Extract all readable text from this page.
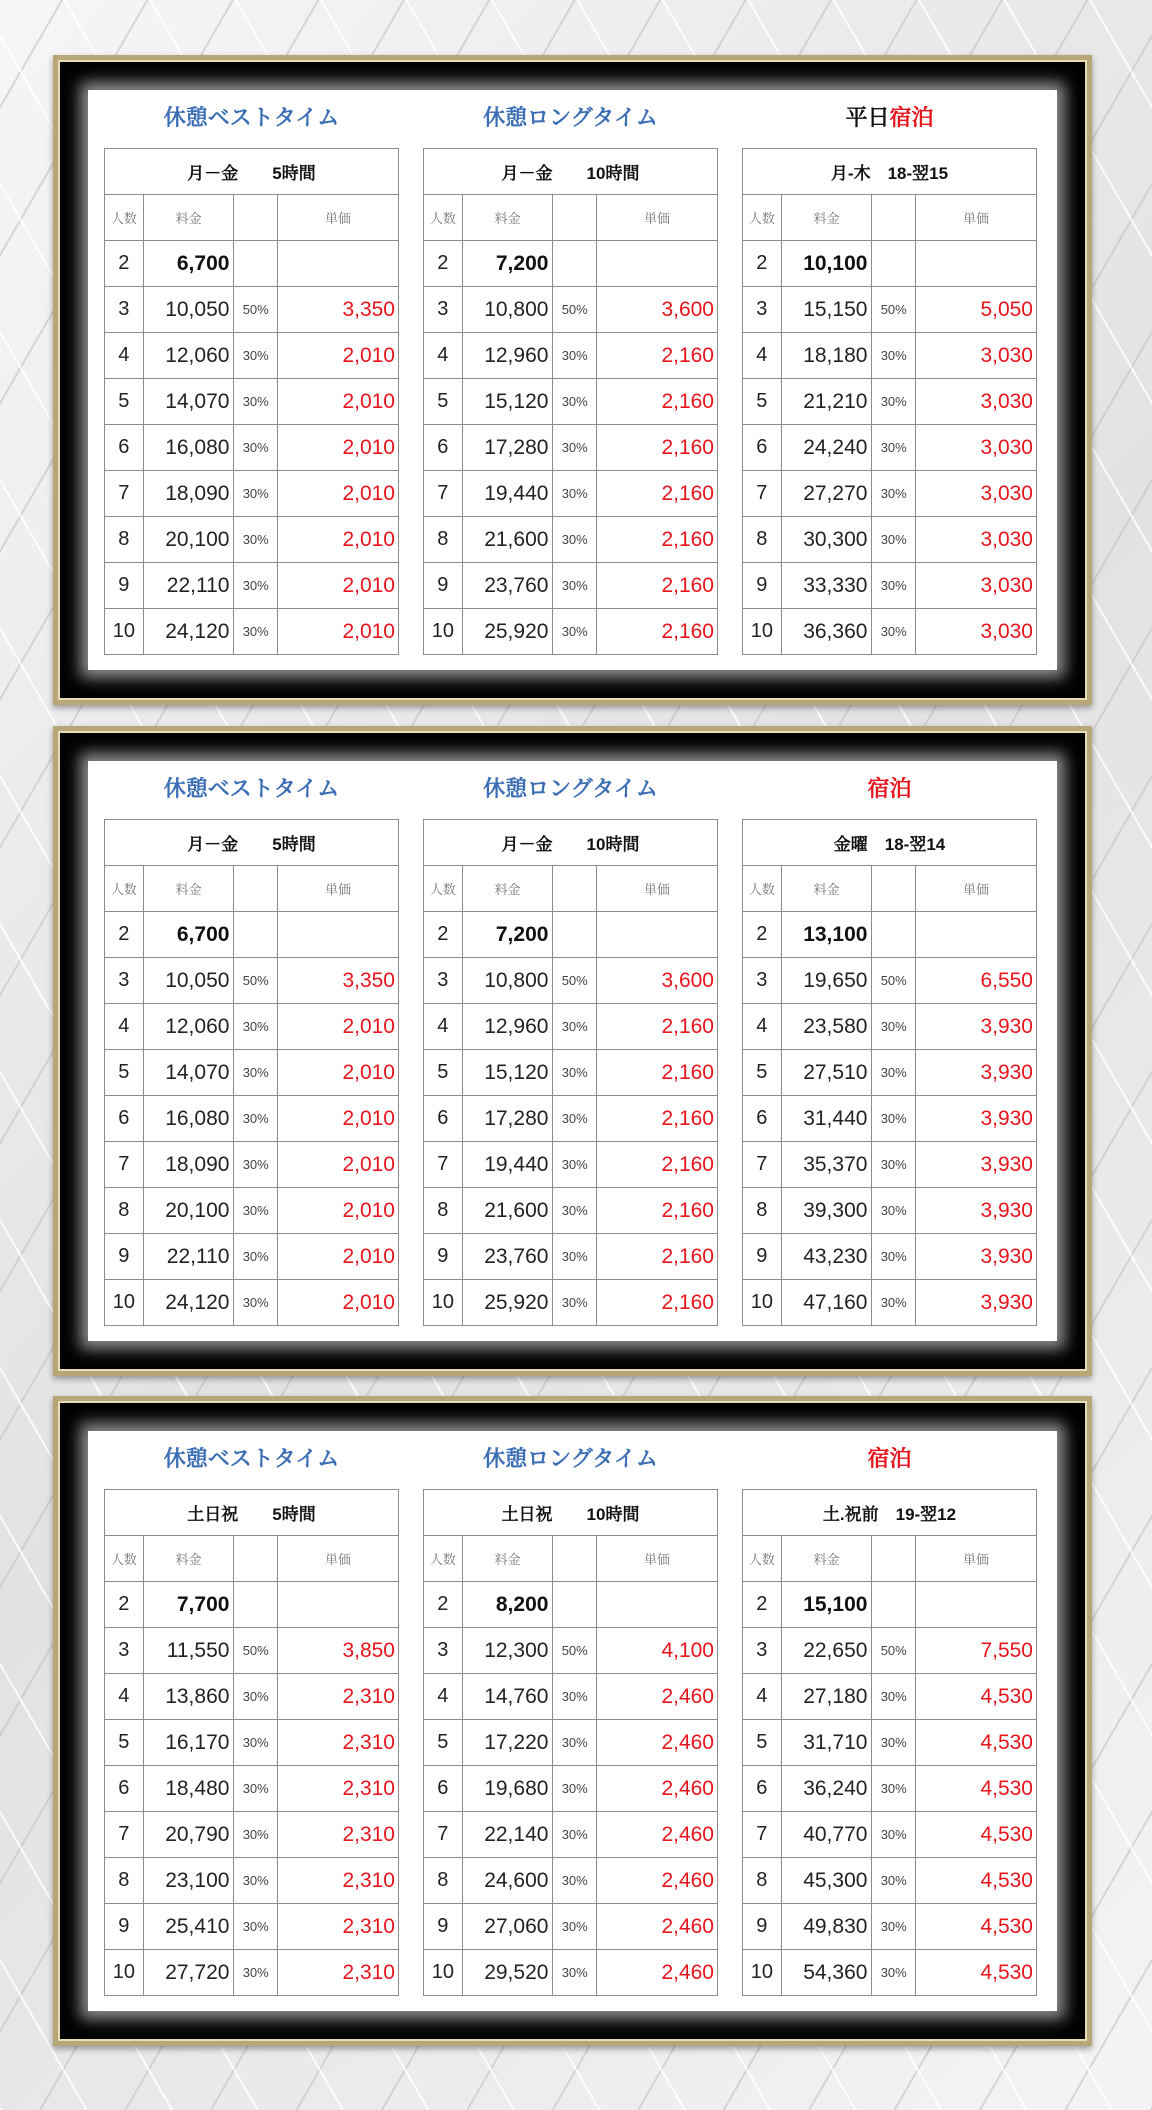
休憩ベストタイム
月－金　　5時間			
人数	料金		単価
2	6,700		
3	10,050	50%	3,350
4	12,060	30%	2,010
5	14,070	30%	2,010
6	16,080	30%	2,010
7	18,090	30%	2,010
8	20,100	30%	2,010
9	22,110	30%	2,010
10	24,120	30%	2,010
休憩ロングタイム
月－金　　10時間			
人数	料金		単価
2	7,200		
3	10,800	50%	3,600
4	12,960	30%	2,160
5	15,120	30%	2,160
6	17,280	30%	2,160
7	19,440	30%	2,160
8	21,600	30%	2,160
9	23,760	30%	2,160
10	25,920	30%	2,160
平日宿泊
月-木　18-翌15			
人数	料金		単価
2	10,100		
3	15,150	50%	5,050
4	18,180	30%	3,030
5	21,210	30%	3,030
6	24,240	30%	3,030
7	27,270	30%	3,030
8	30,300	30%	3,030
9	33,330	30%	3,030
10	36,360	30%	3,030
休憩ベストタイム
月－金　　5時間			
人数	料金		単価
2	6,700		
3	10,050	50%	3,350
4	12,060	30%	2,010
5	14,070	30%	2,010
6	16,080	30%	2,010
7	18,090	30%	2,010
8	20,100	30%	2,010
9	22,110	30%	2,010
10	24,120	30%	2,010
休憩ロングタイム
月－金　　10時間			
人数	料金		単価
2	7,200		
3	10,800	50%	3,600
4	12,960	30%	2,160
5	15,120	30%	2,160
6	17,280	30%	2,160
7	19,440	30%	2,160
8	21,600	30%	2,160
9	23,760	30%	2,160
10	25,920	30%	2,160
宿泊
金曜　18-翌14			
人数	料金		単価
2	13,100		
3	19,650	50%	6,550
4	23,580	30%	3,930
5	27,510	30%	3,930
6	31,440	30%	3,930
7	35,370	30%	3,930
8	39,300	30%	3,930
9	43,230	30%	3,930
10	47,160	30%	3,930
休憩ベストタイム
土日祝　　5時間			
人数	料金		単価
2	7,700		
3	11,550	50%	3,850
4	13,860	30%	2,310
5	16,170	30%	2,310
6	18,480	30%	2,310
7	20,790	30%	2,310
8	23,100	30%	2,310
9	25,410	30%	2,310
10	27,720	30%	2,310
休憩ロングタイム
土日祝　　10時間			
人数	料金		単価
2	8,200		
3	12,300	50%	4,100
4	14,760	30%	2,460
5	17,220	30%	2,460
6	19,680	30%	2,460
7	22,140	30%	2,460
8	24,600	30%	2,460
9	27,060	30%	2,460
10	29,520	30%	2,460
宿泊
土.祝前　19-翌12			
人数	料金		単価
2	15,100		
3	22,650	50%	7,550
4	27,180	30%	4,530
5	31,710	30%	4,530
6	36,240	30%	4,530
7	40,770	30%	4,530
8	45,300	30%	4,530
9	49,830	30%	4,530
10	54,360	30%	4,530
